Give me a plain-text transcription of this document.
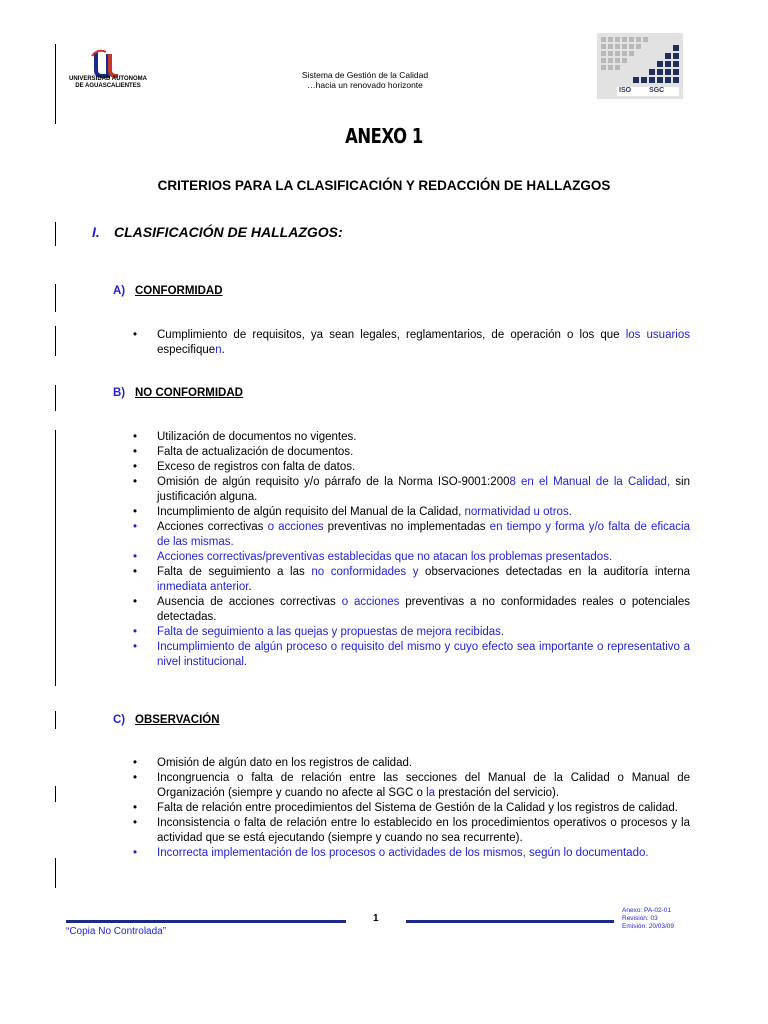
UNIVERSIDAD AUTONOMA
DE AGUASCALIENTES
Sistema de Gestión de la Calidad
…hacia un renovado horizonte
ISO	SGC
ANEXO 1
CRITERIOS PARA LA CLASIFICACIÓN Y REDACCIÓN DE HALLAZGOS
I. CLASIFICACIÓN DE HALLAZGOS:
A) CONFORMIDAD
• Cumplimiento de requisitos, ya sean legales, reglamentarios, de operación o los que los usuarios especifiquen.
B) NO CONFORMIDAD
• Utilización de documentos no vigentes.
• Falta de actualización de documentos.
• Exceso de registros con falta de datos.
• Omisión de algún requisito y/o párrafo de la Norma ISO-9001:2008 en el Manual de la Calidad, sin justificación alguna.
• Incumplimiento de algún requisito del Manual de la Calidad, normatividad u otros.
• Acciones correctivas o acciones preventivas no implementadas en tiempo y forma y/o falta de eficacia de las mismas.
• Acciones correctivas/preventivas establecidas que no atacan los problemas presentados.
• Falta de seguimiento a las no conformidades y observaciones detectadas en la auditoría interna inmediata anterior.
• Ausencia de acciones correctivas o acciones preventivas a no conformidades reales o potenciales detectadas.
• Falta de seguimiento a las quejas y propuestas de mejora recibidas.
• Incumplimiento de algún proceso o requisito del mismo y cuyo efecto sea importante o representativo a nivel institucional.
C) OBSERVACIÓN
• Omisión de algún dato en los registros de calidad.
• Incongruencia o falta de relación entre las secciones del Manual de la Calidad o Manual de Organización (siempre y cuando no afecte al SGC o la prestación del servicio).
• Falta de relación entre procedimientos del Sistema de Gestión de la Calidad y los registros de calidad.
• Inconsistencia o falta de relación entre lo establecido en los procedimientos operativos o procesos y la actividad que se está ejecutando (siempre y cuando no sea recurrente).
• Incorrecta implementación de los procesos o actividades de los mismos, según lo documentado.
1
“Copia No Controlada”
Anexo: PA-02-01
Revisión: 03
Emisión: 20/03/09
